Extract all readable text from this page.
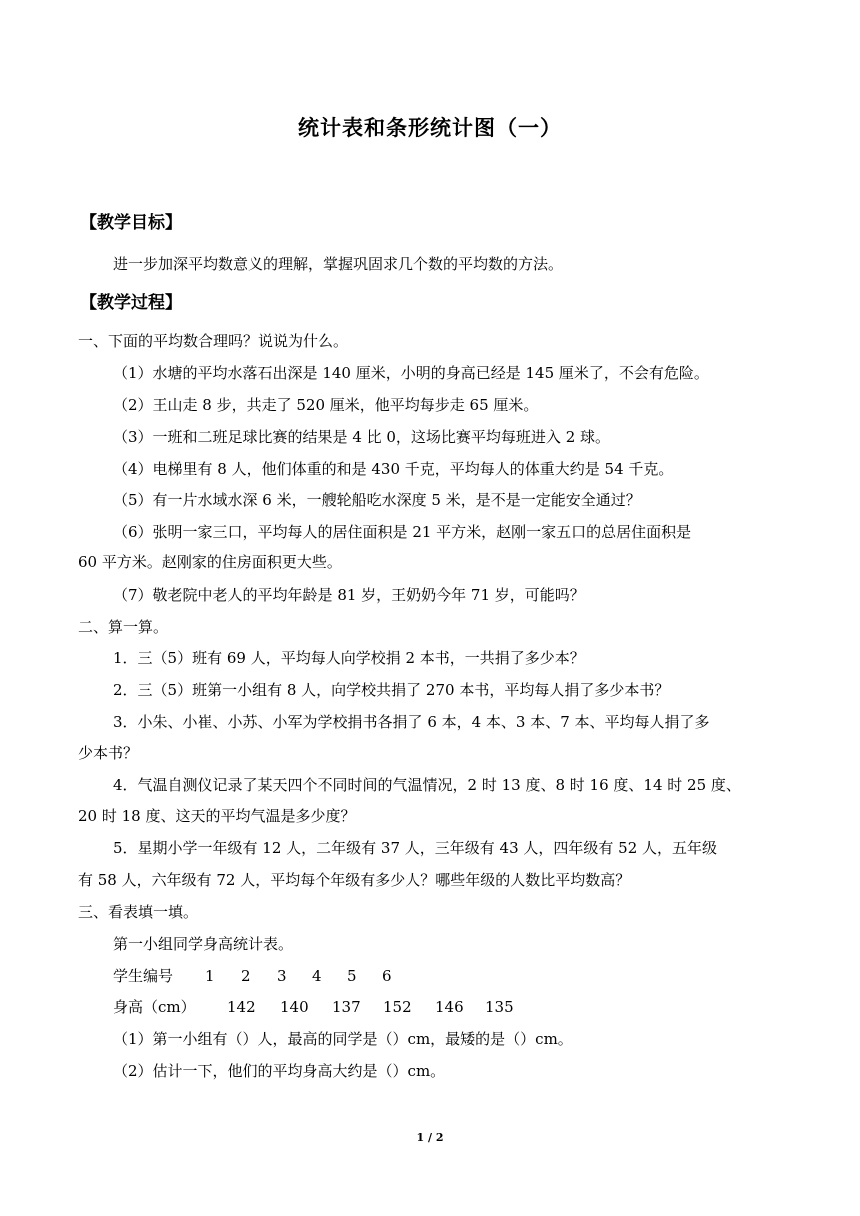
统计表和条形统计图（一）
【教学目标】
进一步加深平均数意义的理解，掌握巩固求几个数的平均数的方法。
【教学过程】
一、下面的平均数合理吗？说说为什么。
（1）水塘的平均水落石出深是 140 厘米，小明的身高已经是 145 厘米了，不会有危险。
（2）王山走 8 步，共走了 520 厘米，他平均每步走 65 厘米。
（3）一班和二班足球比赛的结果是 4 比 0，这场比赛平均每班进入 2 球。
（4）电梯里有 8 人，他们体重的和是 430 千克，平均每人的体重大约是 54 千克。
（5）有一片水域水深 6 米，一艘轮船吃水深度 5 米，是不是一定能安全通过？
（6）张明一家三口，平均每人的居住面积是 21 平方米，赵刚一家五口的总居住面积是
60 平方米。赵刚家的住房面积更大些。
（7）敬老院中老人的平均年龄是 81 岁，王奶奶今年 71 岁，可能吗？
二、算一算。
1．三（5）班有 69 人，平均每人向学校捐 2 本书，一共捐了多少本？
2．三（5）班第一小组有 8 人，向学校共捐了 270 本书，平均每人捐了多少本书？
3．小朱、小崔、小苏、小军为学校捐书各捐了 6 本，4 本、3 本、7 本、平均每人捐了多
少本书？
4．气温自测仪记录了某天四个不同时间的气温情况，2 时 13 度、8 时 16 度、14 时 25 度、
20 时 18 度、这天的平均气温是多少度？
5．星期小学一年级有 12 人，二年级有 37 人，三年级有 43 人，四年级有 52 人，五年级
有 58 人，六年级有 72 人，平均每个年级有多少人？哪些年级的人数比平均数高？
三、看表填一填。
第一小组同学身高统计表。
学生编号 1 2 3 4 5 6
身高（cm） 142 140 137 152 146 135
（1）第一小组有（）人，最高的同学是（）cm，最矮的是（）cm。
（2）估计一下，他们的平均身高大约是（）cm。
1 / 2
